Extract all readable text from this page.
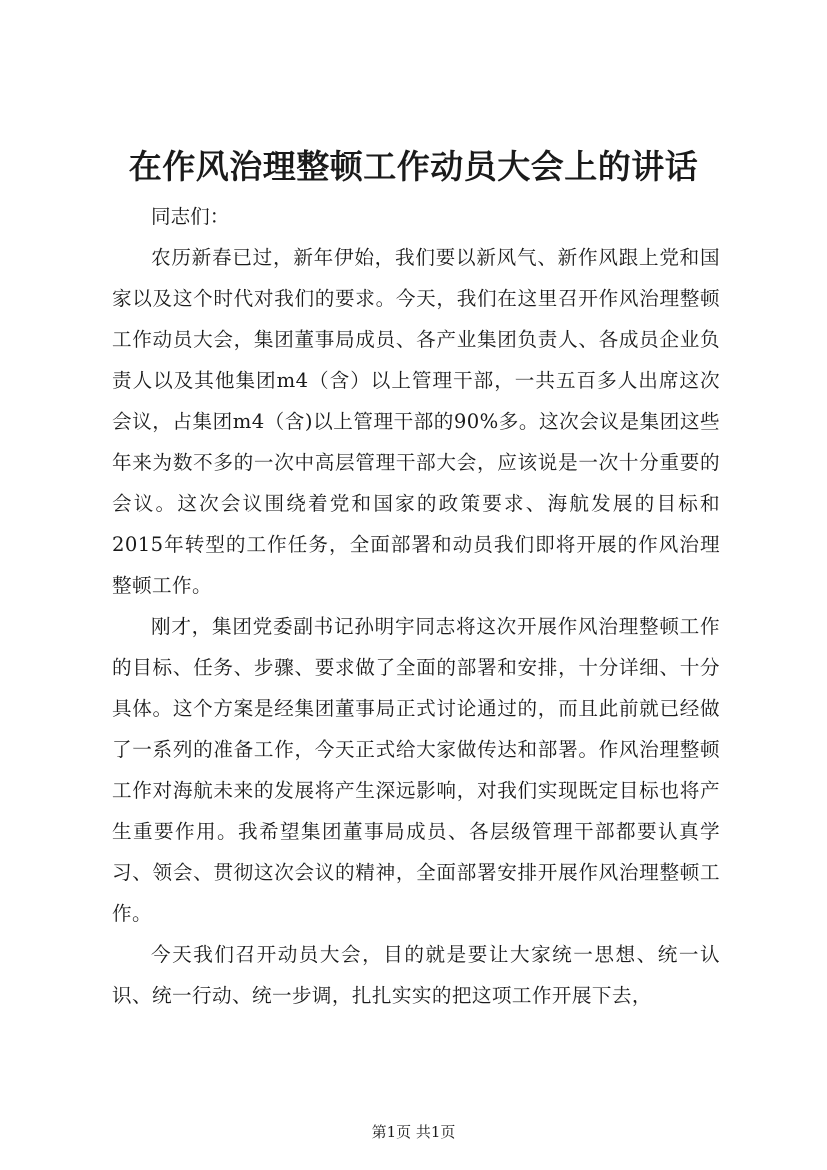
在作风治理整顿工作动员大会上的讲话

同志们：

农历新春已过，新年伊始，我们要以新风气、新作风跟上党和国家以及这个时代对我们的要求。今天，我们在这里召开作风治理整顿工作动员大会，集团董事局成员、各产业集团负责人、各成员企业负责人以及其他集团m4（含）以上管理干部，一共五百多人出席这次会议，占集团m4（含)以上管理干部的90%多。这次会议是集团这些年来为数不多的一次中高层管理干部大会，应该说是一次十分重要的会议。这次会议围绕着党和国家的政策要求、海航发展的目标和2015年转型的工作任务，全面部署和动员我们即将开展的作风治理整顿工作。

刚才，集团党委副书记孙明宇同志将这次开展作风治理整顿工作的目标、任务、步骤、要求做了全面的部署和安排，十分详细、十分具体。这个方案是经集团董事局正式讨论通过的，而且此前就已经做了一系列的准备工作，今天正式给大家做传达和部署。作风治理整顿工作对海航未来的发展将产生深远影响，对我们实现既定目标也将产生重要作用。我希望集团董事局成员、各层级管理干部都要认真学习、领会、贯彻这次会议的精神，全面部署安排开展作风治理整顿工作。

今天我们召开动员大会，目的就是要让大家统一思想、统一认识、统一行动、统一步调，扎扎实实的把这项工作开展下去，

第1页 共1页
